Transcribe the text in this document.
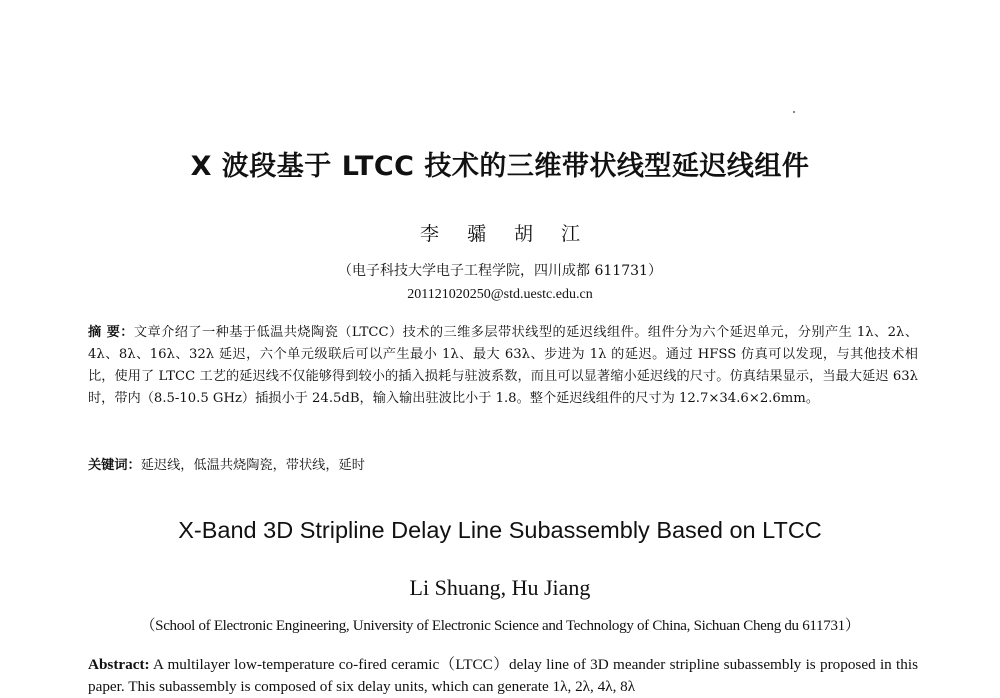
X 波段基于 LTCC 技术的三维带状线型延迟线组件
李 骦 胡 江
（电子科技大学电子工程学院，四川成都 611731）
201121020250@std.uestc.edu.cn
摘 要：文章介绍了一种基于低温共烧陶瓷（LTCC）技术的三维多层带状线型的延迟线组件。组件分为六个延迟单元，分别产生 1λ、2λ、4λ、8λ、16λ、32λ 延迟，六个单元级联后可以产生最小 1λ、最大 63λ、步进为 1λ 的延迟。通过 HFSS 仿真可以发现，与其他技术相比，使用了 LTCC 工艺的延迟线不仅能够得到较小的插入损耗与驻波系数，而且可以显著缩小延迟线的尺寸。仿真结果显示，当最大延迟 63λ 时，带内（8.5-10.5 GHz）插损小于 24.5dB，输入输出驻波比小于 1.8。整个延迟线组件的尺寸为 12.7×34.6×2.6mm。
关键词：延迟线，低温共烧陶瓷，带状线，延时
X-Band 3D Stripline Delay Line Subassembly Based on LTCC
Li Shuang, Hu Jiang
（School of Electronic Engineering, University of Electronic Science and Technology of China, Sichuan Cheng du 611731）
Abstract: A multilayer low-temperature co-fired ceramic（LTCC）delay line of 3D meander stripline subassembly is proposed in this paper. This subassembly is composed of six delay units, which can generate 1λ, 2λ, 4λ, 8λ
